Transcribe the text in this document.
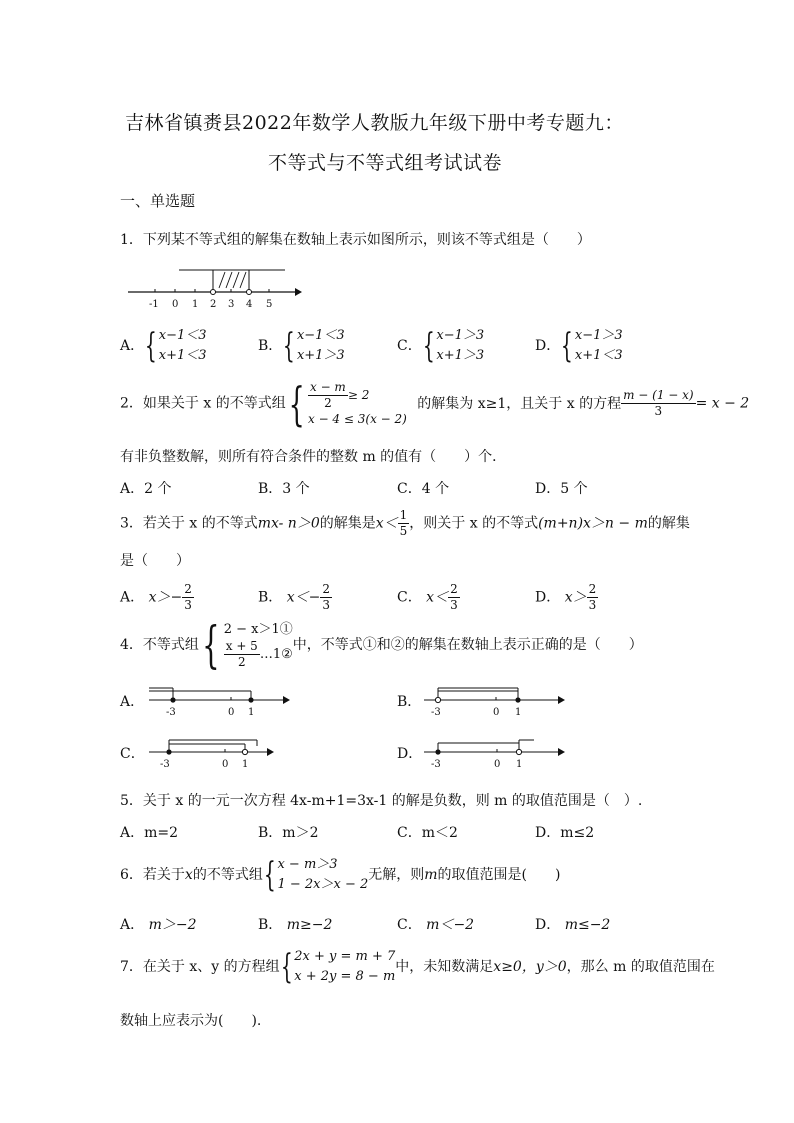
吉林省镇赉县2022年数学人教版九年级下册中考专题九：
不等式与不等式组考试试卷
一、单选题
1．下列某不等式组的解集在数轴上表示如图所示，则该不等式组是（　　）
-1 0 1 2 3 4 5
A．{ x−1＜3
x+1＜3
B．{ x−1＜3
x+1＞3
C．{ x−1＞3
x+1＞3
D．{ x−1＞3
x+1＜3
2．如果关于 x 的不等式组{ $\frac{x - m}{2} \ge 2$
x − 4 ≤ 3(x − 2) 的解集为 x≥1，且关于 x 的方程 $\frac{m - (1 - x)}{3} = x - 2$
有非负整数解，则所有符合条件的整数 m 的值有（　　）个．
A．2 个	B．3 个	C．4 个	D．5 个
3．若关于 x 的不等式mx- n＞0的解集是$x< \frac{1}{5}$ ，则关于 x 的不等式(m+n)x＞n − m的解集
是（　　）
A． $x>- \frac{2}{3}$	B． $x<- \frac{2}{3}$	C． $x< \frac{2}{3}$	D． $x> \frac{2}{3}$
4．不等式组{ 2 − x＞1①

$\frac{x + 5}{2}$ …1②中，不等式①和②的解集在数轴上表示正确的是（　　）
A．
-3	0 1
B．
-3	0 1
C．
-3	0 1
D．
-3	0 1
5．关于 x 的一元一次方程 4x-m+1=3x-1 的解是负数，则 m 的取值范围是（　）.
A．m=2	B．m＞2	C．m＜2	D．m≤2
6．若关于x的不等式组{ x − m＞3
1 − 2x＞x − 2无解，则m的取值范围是(　　)
A． m＞−2	B． m≥−2	C． m＜−2	D． m≤−2
7．在关于 x、y 的方程组{ 2x + y = m + 7
x + 2y = 8 − m中，未知数满足x≥0，y＞0，那么 m 的取值范围在
数轴上应表示为(　　).
